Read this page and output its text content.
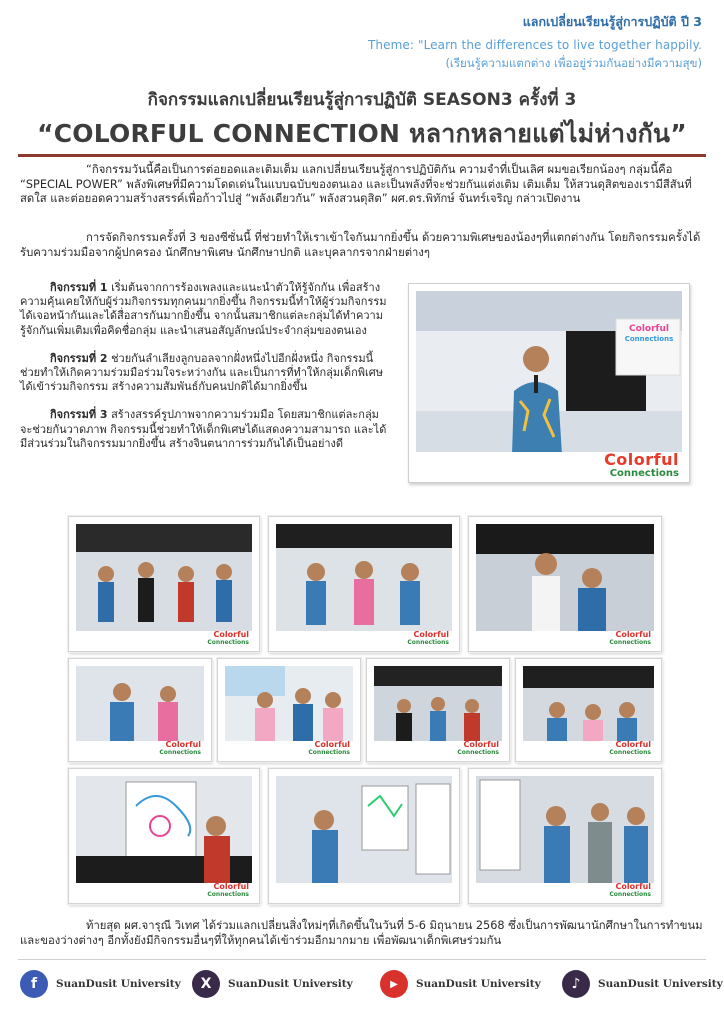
แลกเปลี่ยนเรียนรู้สู่การปฏิบัติ ปี 3
Theme: "Learn the differences to live together happily.
(เรียนรู้ความแตกต่าง เพื่ออยู่ร่วมกันอย่างมีความสุข)
กิจกรรมแลกเปลี่ยนเรียนรู้สู่การปฏิบัติ SEASON3 ครั้งที่ 3
“COLORFUL CONNECTION หลากหลายแต่ไม่ห่างกัน”
“กิจกรรมวันนี้คือเป็นการต่อยอดและเติมเต็ม แลกเปลี่ยนเรียนรู้สู่การปฏิบัติกัน ความจำที่เป็นเลิศ ผมขอเรียกน้องๆ กลุ่มนี้คือ “SPECIAL POWER” พลังพิเศษที่มีความโดดเด่นในแบบฉบับของตนเอง และเป็นพลังที่จะช่วยกันแต่งเติม เติมเต็ม ให้สวนดุสิตของเรามีสีสันที่สดใส และต่อยอดความสร้างสรรค์เพื่อก้าวไปสู่ “พลังเดียวกัน” พลังสวนดุสิต” ผศ.ดร.พิทักษ์ จันทร์เจริญ กล่าวเปิดงาน
การจัดกิจกรรมครั้งที่ 3 ของซีซั่นนี้ ที่ช่วยทำให้เราเข้าใจกันมากยิ่งขึ้น ด้วยความพิเศษของน้องๆที่แตกต่างกัน โดยกิจกรรมครั้งได้รับความร่วมมือจากผู้ปกครอง นักศึกษาพิเศษ นักศึกษาปกติ และบุคลากรจากฝ่ายต่างๆ
กิจกรรมที่ 1 เริ่มต้นจากการร้องเพลงและแนะนำตัวให้รู้จักกัน เพื่อสร้างความคุ้นเคยให้กับผู้ร่วมกิจกรรมทุกคนมากยิ่งขึ้น กิจกรรมนี้ทำให้ผู้ร่วมกิจกรรมได้เจอหน้ากันและได้สื่อสารกันมากยิ่งขึ้น จากนั้นสมาชิกแต่ละกลุ่มได้ทำความรู้จักกันเพิ่มเติมเพื่อคิดชื่อกลุ่ม และนำเสนอสัญลักษณ์ประจำกลุ่มของตนเอง
กิจกรรมที่ 2 ช่วยกันลำเลียงลูกบอลจากฝั่งหนึ่งไปอีกฝั่งหนึ่ง กิจกรรมนี้ช่วยทำให้เกิดความร่วมมือร่วมใจระหว่างกัน และเป็นการที่ทำให้กลุ่มเด็กพิเศษได้เข้าร่วมกิจกรรม สร้างความสัมพันธ์กับคนปกติได้มากยิ่งขึ้น
กิจกรรมที่ 3 สร้างสรรค์รูปภาพจากความร่วมมือ โดยสมาชิกแต่ละกลุ่มจะช่วยกันวาดภาพ กิจกรรมนี้ช่วยทำให้เด็กพิเศษได้แสดงความสามารถ และได้มีส่วนร่วมในกิจกรรมมากยิ่งขึ้น สร้างจินตนาการร่วมกันได้เป็นอย่างดี
Colorful
Connections
Colorful
Connections
Colorful
Connections
Colorful
Connections
Colorful
Connections
Colorful
Connections
Colorful
Connections
Colorful
Connections
Colorful
Connections
Colorful
Connections
Colorful
Connections
ท้ายสุด ผศ.จารุณี วิเทศ ได้ร่วมแลกเปลี่ยนสิ่งใหม่ๆที่เกิดขึ้นในวันที่ 5-6 มิถุนายน 2568 ซึ่งเป็นการพัฒนานักศึกษาในการทำขนมและของว่างต่างๆ อีกทั้งยังมีกิจกรรมอื่นๆที่ให้ทุกคนได้เข้าร่วมอีกมากมาย เพื่อพัฒนาเด็กพิเศษร่วมกัน
f	SuanDusit University	X	SuanDusit University	▶	SuanDusit University	♪	SuanDusit University
